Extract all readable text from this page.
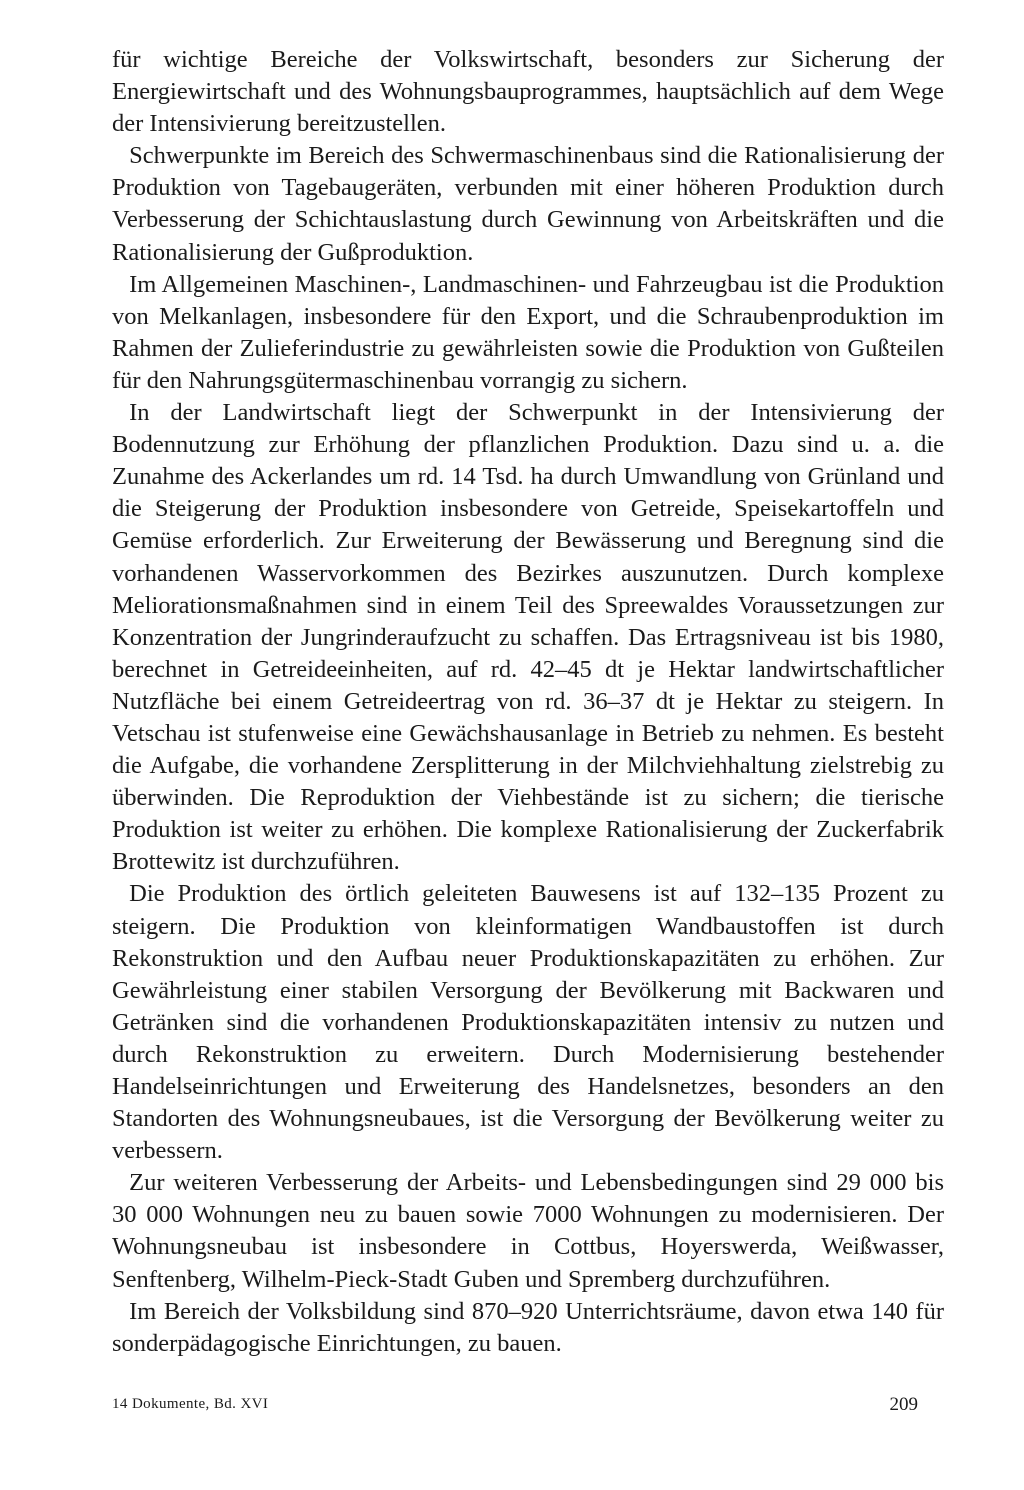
für wichtige Bereiche der Volkswirtschaft, besonders zur Sicherung der Energiewirtschaft und des Wohnungsbauprogrammes, hauptsächlich auf dem Wege der Intensivierung bereitzustellen.

Schwerpunkte im Bereich des Schwermaschinenbaus sind die Rationalisierung der Produktion von Tagebaugeräten, verbunden mit einer höheren Produktion durch Verbesserung der Schichtauslastung durch Gewinnung von Arbeitskräften und die Rationalisierung der Gußproduktion.

Im Allgemeinen Maschinen-, Landmaschinen- und Fahrzeugbau ist die Produktion von Melkanlagen, insbesondere für den Export, und die Schraubenproduktion im Rahmen der Zulieferindustrie zu gewährleisten sowie die Produktion von Gußteilen für den Nahrungsgütermaschinenbau vorrangig zu sichern.

In der Landwirtschaft liegt der Schwerpunkt in der Intensivierung der Bodennutzung zur Erhöhung der pflanzlichen Produktion. Dazu sind u. a. die Zunahme des Ackerlandes um rd. 14 Tsd. ha durch Umwandlung von Grünland und die Steigerung der Produktion insbesondere von Getreide, Speisekartoffeln und Gemüse erforderlich. Zur Erweiterung der Bewässerung und Beregnung sind die vorhandenen Wasservorkommen des Bezirkes auszunutzen. Durch komplexe Meliorationsmaßnahmen sind in einem Teil des Spreewaldes Voraussetzungen zur Konzentration der Jungrinderaufzucht zu schaffen. Das Ertragsniveau ist bis 1980, berechnet in Getreideeinheiten, auf rd. 42–45 dt je Hektar landwirtschaftlicher Nutzfläche bei einem Getreideertrag von rd. 36–37 dt je Hektar zu steigern. In Vetschau ist stufenweise eine Gewächshausanlage in Betrieb zu nehmen. Es besteht die Aufgabe, die vorhandene Zersplitterung in der Milchviehhaltung zielstrebig zu überwinden. Die Reproduktion der Viehbestände ist zu sichern; die tierische Produktion ist weiter zu erhöhen. Die komplexe Rationalisierung der Zuckerfabrik Brottewitz ist durchzuführen.

Die Produktion des örtlich geleiteten Bauwesens ist auf 132–135 Prozent zu steigern. Die Produktion von kleinformatigen Wandbaustoffen ist durch Rekonstruktion und den Aufbau neuer Produktionskapazitäten zu erhöhen. Zur Gewährleistung einer stabilen Versorgung der Bevölkerung mit Backwaren und Getränken sind die vorhandenen Produktionskapazitäten intensiv zu nutzen und durch Rekonstruktion zu erweitern. Durch Modernisierung bestehender Handelseinrichtungen und Erweiterung des Handelsnetzes, besonders an den Standorten des Wohnungsneubaues, ist die Versorgung der Bevölkerung weiter zu verbessern.

Zur weiteren Verbesserung der Arbeits- und Lebensbedingungen sind 29 000 bis 30 000 Wohnungen neu zu bauen sowie 7000 Wohnungen zu modernisieren. Der Wohnungsneubau ist insbesondere in Cottbus, Hoyerswerda, Weißwasser, Senftenberg, Wilhelm-Pieck-Stadt Guben und Spremberg durchzuführen.

Im Bereich der Volksbildung sind 870–920 Unterrichtsräume, davon etwa 140 für sonderpädagogische Einrichtungen, zu bauen.

14 Dokumente, Bd. XVI	209
